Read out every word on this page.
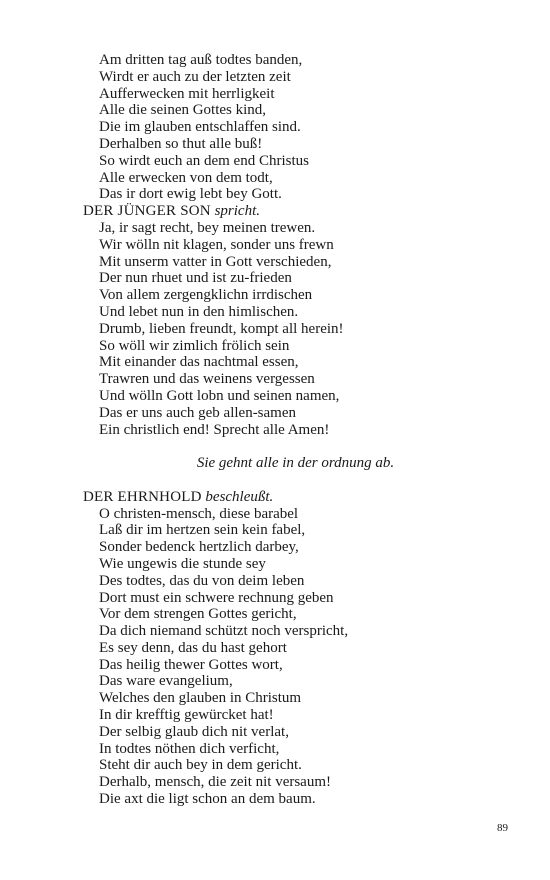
Am dritten tag auß todtes banden,
Wirdt er auch zu der letzten zeit
Aufferwecken mit herrligkeit
Alle die seinen Gottes kind,
Die im glauben entschlaffen sind.
Derhalben so thut alle buß!
So wirdt euch an dem end Christus
Alle erwecken von dem todt,
Das ir dort ewig lebt bey Gott.
DER JÜNGER SON spricht.
Ja, ir sagt recht, bey meinen trewen.
Wir wölln nit klagen, sonder uns frewn
Mit unserm vatter in Gott verschieden,
Der nun rhuet und ist zu-frieden
Von allem zergengklichn irrdischen
Und lebet nun in den himlischen.
Drumb, lieben freundt, kompt all herein!
So wöll wir zimlich frölich sein
Mit einander das nachtmal essen,
Trawren und das weinens vergessen
Und wölln Gott lobn und seinen namen,
Das er uns auch geb allen-samen
Ein christlich end! Sprecht alle Amen!
Sie gehnt alle in der ordnung ab.
DER EHRNHOLD beschleußt.
O christen-mensch, diese barabel
Laß dir im hertzen sein kein fabel,
Sonder bedenck hertzlich darbey,
Wie ungewis die stunde sey
Des todtes, das du von deim leben
Dort must ein schwere rechnung geben
Vor dem strengen Gottes gericht,
Da dich niemand schützt noch verspricht,
Es sey denn, das du hast gehort
Das heilig thewer Gottes wort,
Das ware evangelium,
Welches den glauben in Christum
In dir krefftig gewürcket hat!
Der selbig glaub dich nit verlat,
In todtes nöthen dich verficht,
Steht dir auch bey in dem gericht.
Derhalb, mensch, die zeit nit versaum!
Die axt die ligt schon an dem baum.
89
